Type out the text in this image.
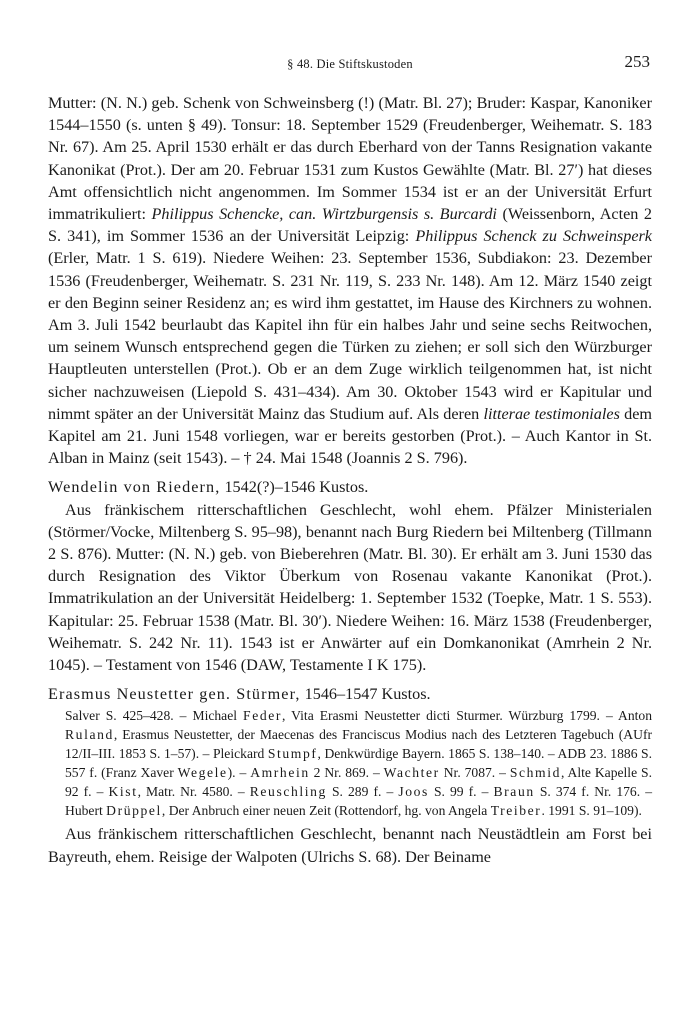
§ 48. Die Stiftskustoden	253

Mutter: (N. N.) geb. Schenk von Schweinsberg (!) (Matr. Bl. 27); Bruder: Kaspar, Kanoniker 1544–1550 (s. unten § 49). Tonsur: 18. September 1529 (Freudenberger, Weihematr. S. 183 Nr. 67). Am 25. April 1530 erhält er das durch Eberhard von der Tanns Resignation vakante Kanonikat (Prot.). Der am 20. Februar 1531 zum Kustos Gewählte (Matr. Bl. 27′) hat dieses Amt offensichtlich nicht angenommen. Im Sommer 1534 ist er an der Universität Erfurt immatrikuliert: Philippus Schencke, can. Wirtzburgensis s. Burcardi (Weissenborn, Acten 2 S. 341), im Sommer 1536 an der Universität Leipzig: Philippus Schenck zu Schweinsperk (Erler, Matr. 1 S. 619). Niedere Weihen: 23. September 1536, Subdiakon: 23. Dezember 1536 (Freudenberger, Weihematr. S. 231 Nr. 119, S. 233 Nr. 148). Am 12. März 1540 zeigt er den Beginn seiner Residenz an; es wird ihm gestattet, im Hause des Kirchners zu wohnen. Am 3. Juli 1542 beurlaubt das Kapitel ihn für ein halbes Jahr und seine sechs Reitwochen, um seinem Wunsch entsprechend gegen die Türken zu ziehen; er soll sich den Würzburger Hauptleuten unterstellen (Prot.). Ob er an dem Zuge wirklich teilgenommen hat, ist nicht sicher nachzuweisen (Liepold S. 431–434). Am 30. Oktober 1543 wird er Kapitular und nimmt später an der Universität Mainz das Studium auf. Als deren litterae testimoniales dem Kapitel am 21. Juni 1548 vorliegen, war er bereits gestorben (Prot.). – Auch Kantor in St. Alban in Mainz (seit 1543). – † 24. Mai 1548 (Joannis 2 S. 796).

Wendelin von Riedern, 1542(?)–1546 Kustos.

Aus fränkischem ritterschaftlichen Geschlecht, wohl ehem. Pfälzer Ministerialen (Störmer/Vocke, Miltenberg S. 95–98), benannt nach Burg Riedern bei Miltenberg (Tillmann 2 S. 876). Mutter: (N. N.) geb. von Bieberehren (Matr. Bl. 30). Er erhält am 3. Juni 1530 das durch Resignation des Viktor Überkum von Rosenau vakante Kanonikat (Prot.). Immatrikulation an der Universität Heidelberg: 1. September 1532 (Toepke, Matr. 1 S. 553). Kapitular: 25. Februar 1538 (Matr. Bl. 30′). Niedere Weihen: 16. März 1538 (Freudenberger, Weihematr. S. 242 Nr. 11). 1543 ist er Anwärter auf ein Domkanonikat (Amrhein 2 Nr. 1045). – Testament von 1546 (DAW, Testamente I K 175).

Erasmus Neustetter gen. Stürmer, 1546–1547 Kustos.

Salver S. 425–428. – Michael Feder, Vita Erasmi Neustetter dicti Sturmer. Würzburg 1799. – Anton Ruland, Erasmus Neustetter, der Maecenas des Franciscus Modius nach des Letzteren Tagebuch (AUfr 12/II–III. 1853 S. 1–57). – Pleickard Stumpf, Denkwürdige Bayern. 1865 S. 138–140. – ADB 23. 1886 S. 557 f. (Franz Xaver Wegele). – Amrhein 2 Nr. 869. – Wachter Nr. 7087. – Schmid, Alte Kapelle S. 92 f. – Kist, Matr. Nr. 4580. – Reuschling S. 289 f. – Joos S. 99 f. – Braun S. 374 f. Nr. 176. – Hubert Drüppel, Der Anbruch einer neuen Zeit (Rottendorf, hg. von Angela Treiber. 1991 S. 91–109).

Aus fränkischem ritterschaftlichen Geschlecht, benannt nach Neustädtlein am Forst bei Bayreuth, ehem. Reisige der Walpoten (Ulrichs S. 68). Der Beiname
